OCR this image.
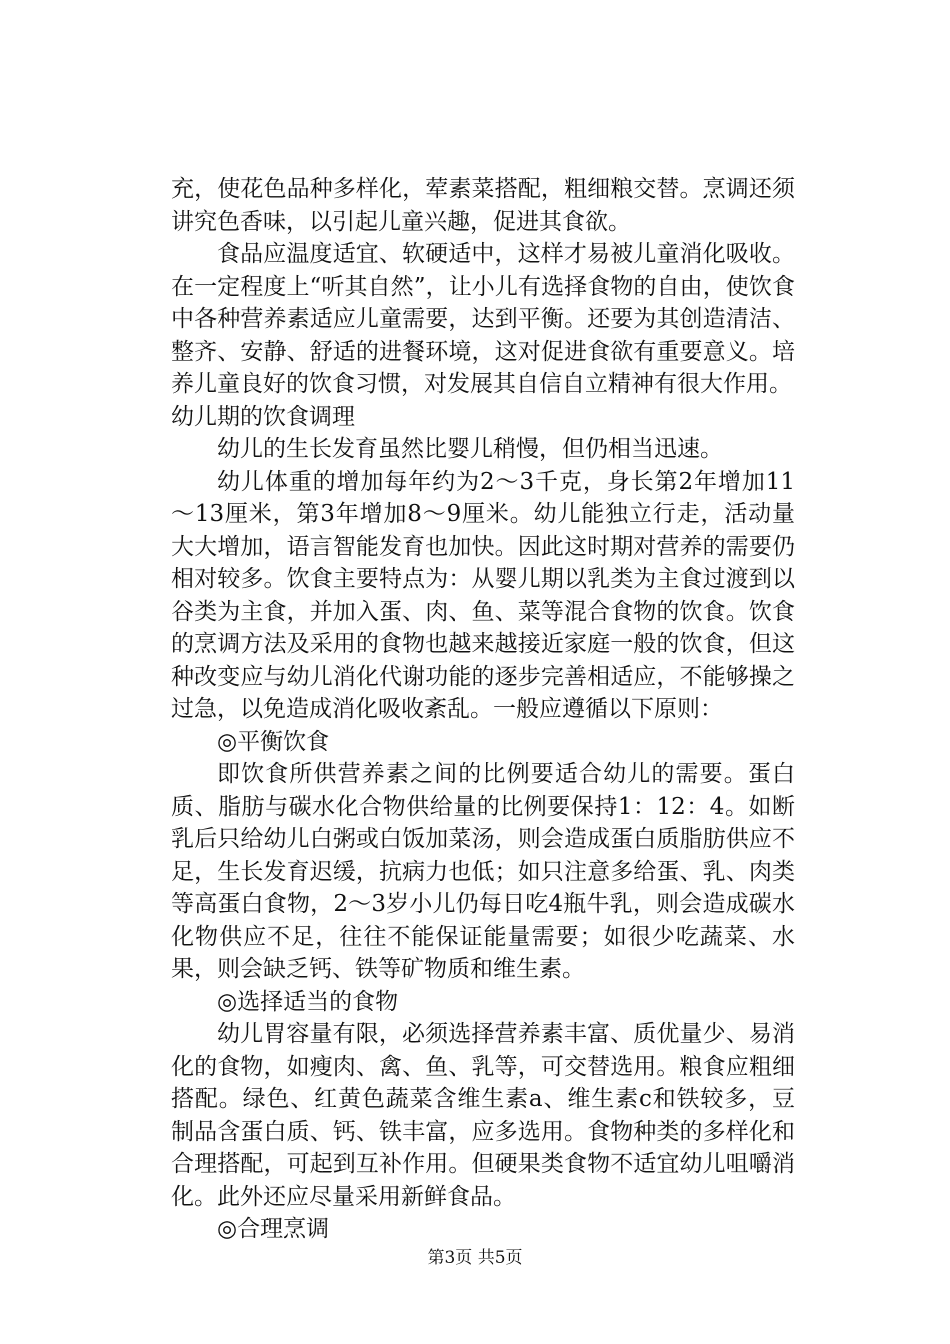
充，使花色品种多样化，荤素菜搭配，粗细粮交替。烹调还须讲究色香味，以引起儿童兴趣，促进其食欲。

食品应温度适宜、软硬适中，这样才易被儿童消化吸收。在一定程度上“听其自然”，让小儿有选择食物的自由，使饮食中各种营养素适应儿童需要，达到平衡。还要为其创造清洁、整齐、安静、舒适的进餐环境，这对促进食欲有重要意义。培养儿童良好的饮食习惯，对发展其自信自立精神有很大作用。

幼儿期的饮食调理

幼儿的生长发育虽然比婴儿稍慢，但仍相当迅速。

幼儿体重的增加每年约为2～3千克，身长第2年增加11～13厘米，第3年增加8～9厘米。幼儿能独立行走，活动量大大增加，语言智能发育也加快。因此这时期对营养的需要仍相对较多。饮食主要特点为：从婴儿期以乳类为主食过渡到以谷类为主食，并加入蛋、肉、鱼、菜等混合食物的饮食。饮食的烹调方法及采用的食物也越来越接近家庭一般的饮食，但这种改变应与幼儿消化代谢功能的逐步完善相适应，不能够操之过急，以免造成消化吸收紊乱。一般应遵循以下原则：

◎平衡饮食

即饮食所供营养素之间的比例要适合幼儿的需要。蛋白质、脂肪与碳水化合物供给量的比例要保持1：12：4。如断乳后只给幼儿白粥或白饭加菜汤，则会造成蛋白质脂肪供应不足，生长发育迟缓，抗病力也低；如只注意多给蛋、乳、肉类等高蛋白食物，2～3岁小儿仍每日吃4瓶牛乳，则会造成碳水化物供应不足，往往不能保证能量需要；如很少吃蔬菜、水果，则会缺乏钙、铁等矿物质和维生素。

◎选择适当的食物

幼儿胃容量有限，必须选择营养素丰富、质优量少、易消化的食物，如瘦肉、禽、鱼、乳等，可交替选用。粮食应粗细搭配。绿色、红黄色蔬菜含维生素a、维生素c和铁较多，豆制品含蛋白质、钙、铁丰富，应多选用。食物种类的多样化和合理搭配，可起到互补作用。但硬果类食物不适宜幼儿咀嚼消化。此外还应尽量采用新鲜食品。

◎合理烹调

第3页 共5页
